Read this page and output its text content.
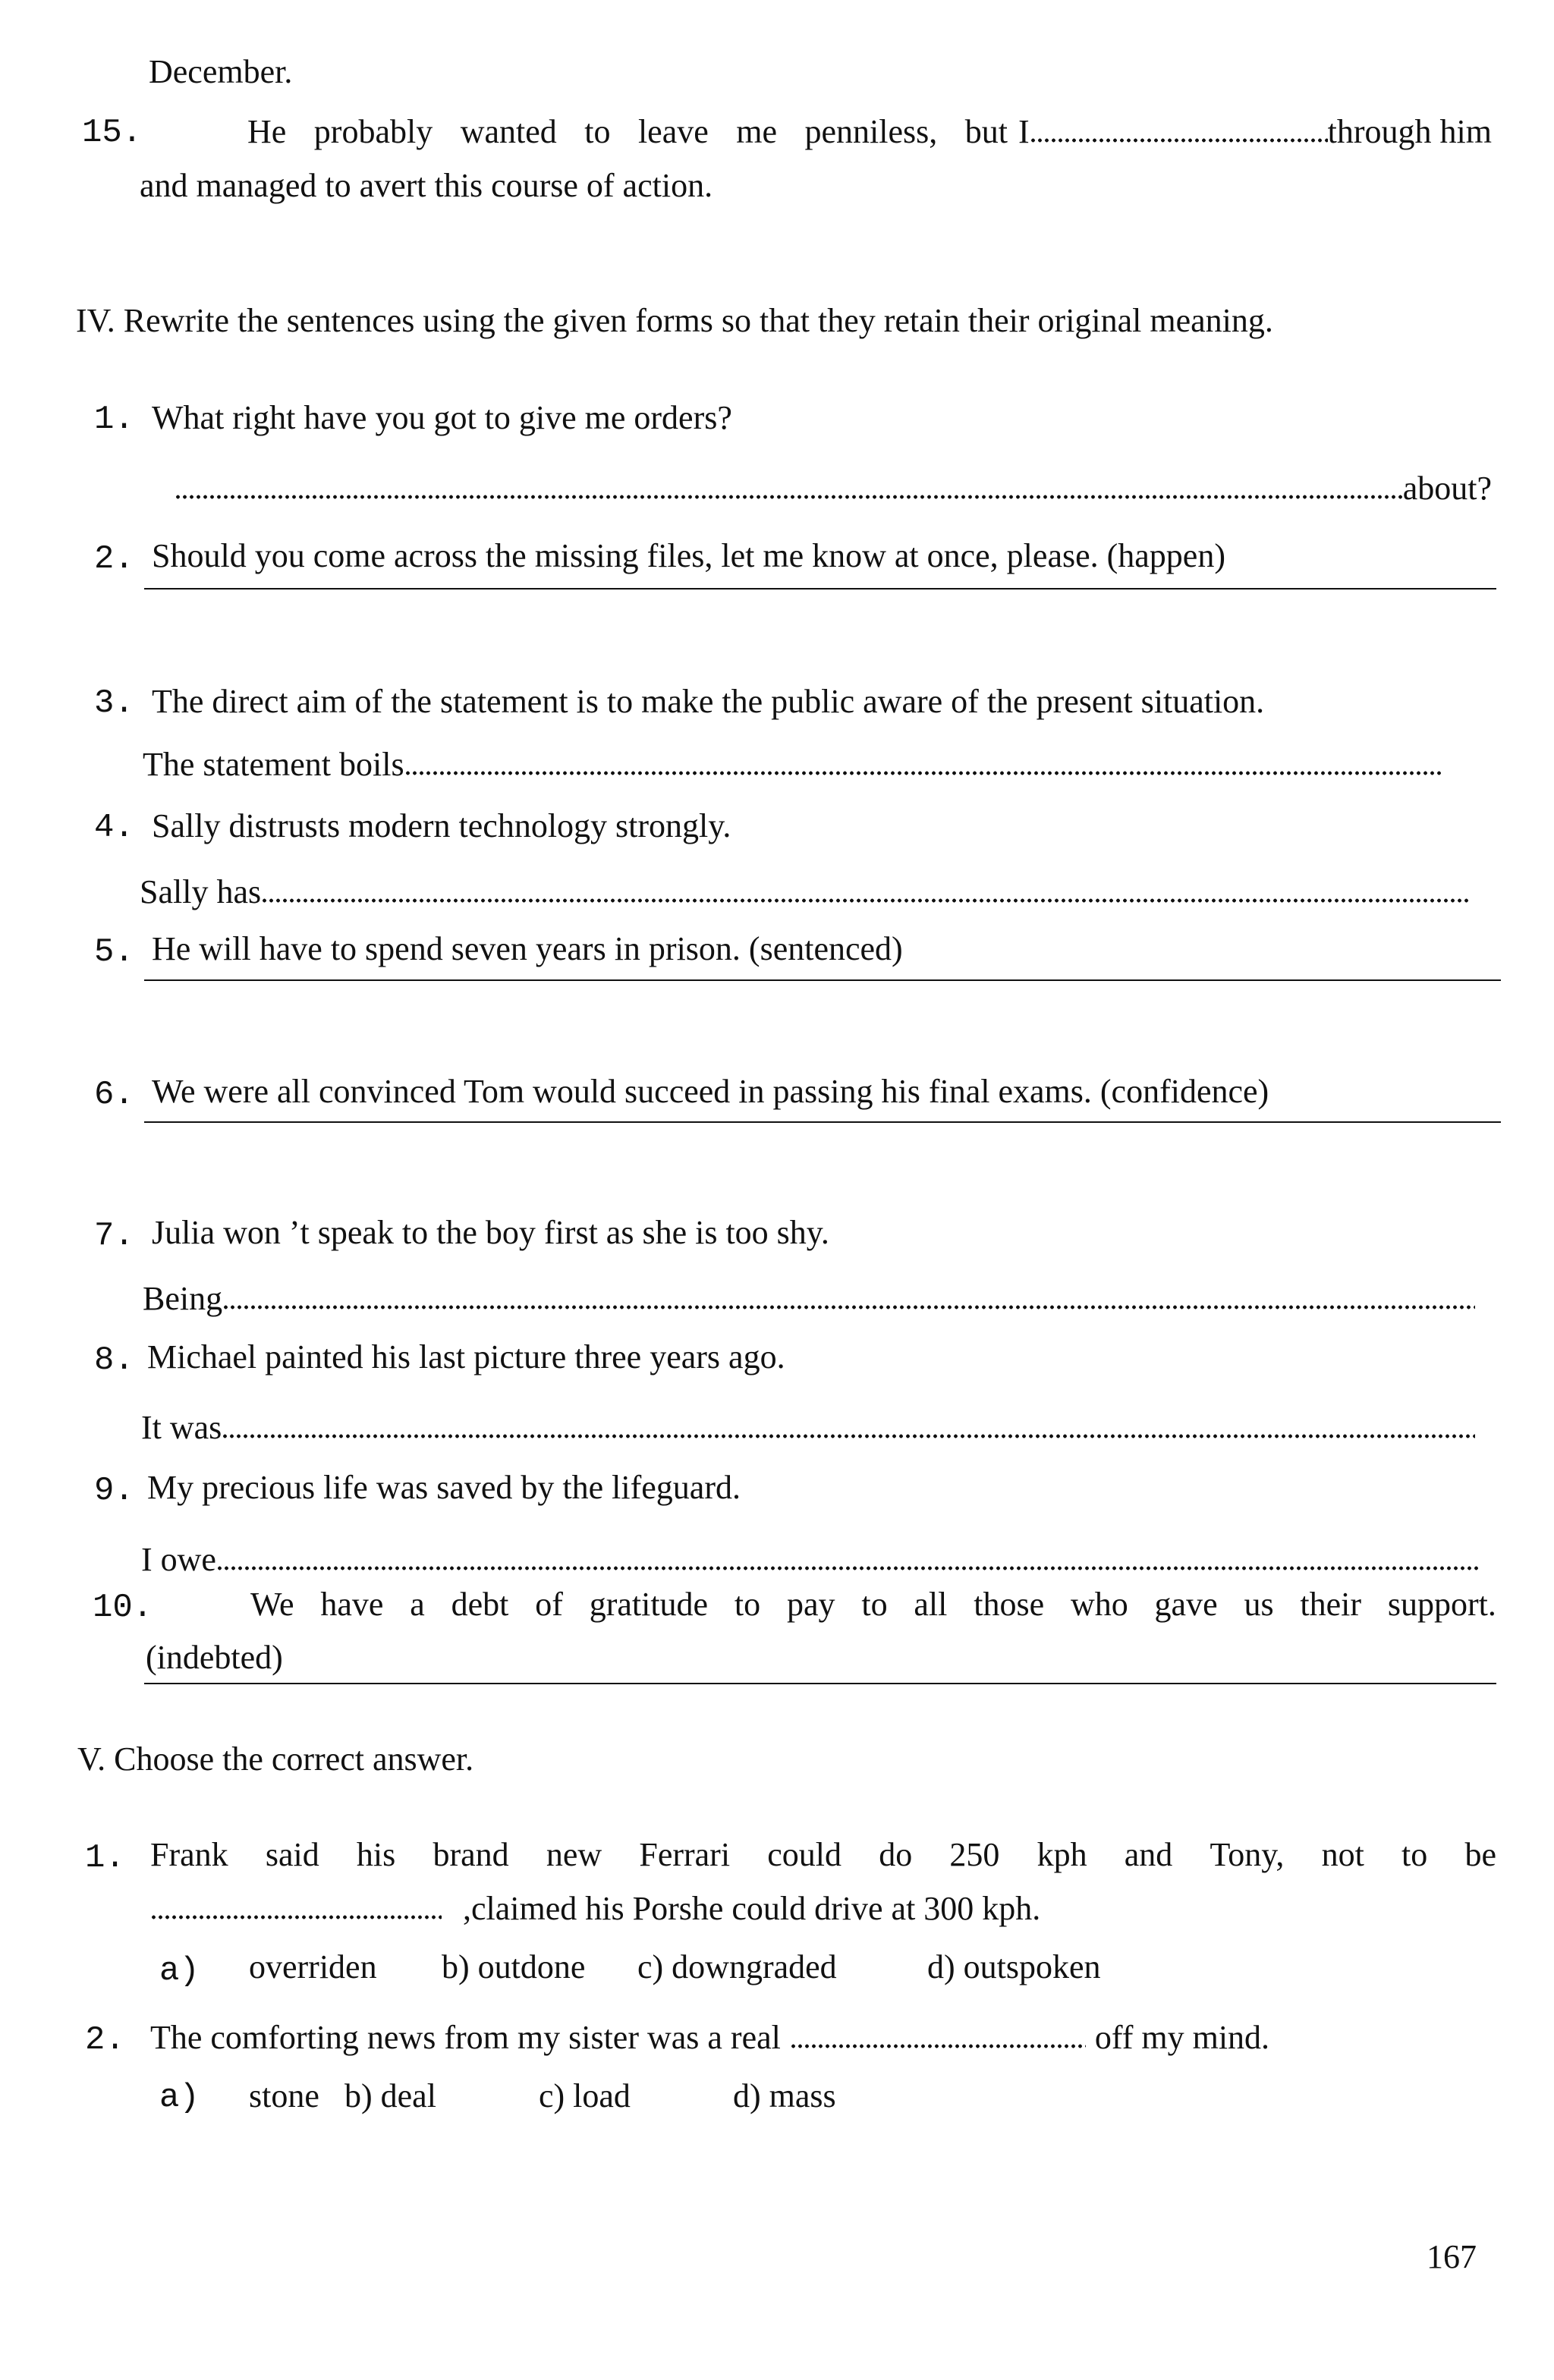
December.
15.	He probably wanted to leave me penniless, but I	through him
and managed to avert this course of action.
IV. Rewrite the sentences using the given forms so that they retain their original meaning.
1. What right have you got to give me orders?
about?
2. Should you come across the missing files, let me know at once, please. (happen)
3. The direct aim of the statement is to make the public aware of the present situation.
The statement boils
4. Sally distrusts modern technology strongly.
Sally has
5. He will have to spend seven years in prison. (sentenced)
6. We were all convinced Tom would succeed in passing his final exams. (confidence)
7. Julia won ʼt speak to the boy first as she is too shy.
Being
8. Michael painted his last picture three years ago.
It was
9. My precious life was saved by the lifeguard.
I owe
10.	We have a debt of gratitude to pay to all those who gave us their support.
(indebted)
V. Choose the correct answer.
1. Frank said his brand new Ferrari could do 250 kph and Tony, not to be
,claimed his Porshe could drive at 300 kph.
a) overriden b) outdone c) downgraded	d) outspoken
2. The comforting news from my sister was a real	off my mind.
a) stone b) deal	c) load	d) mass
167
